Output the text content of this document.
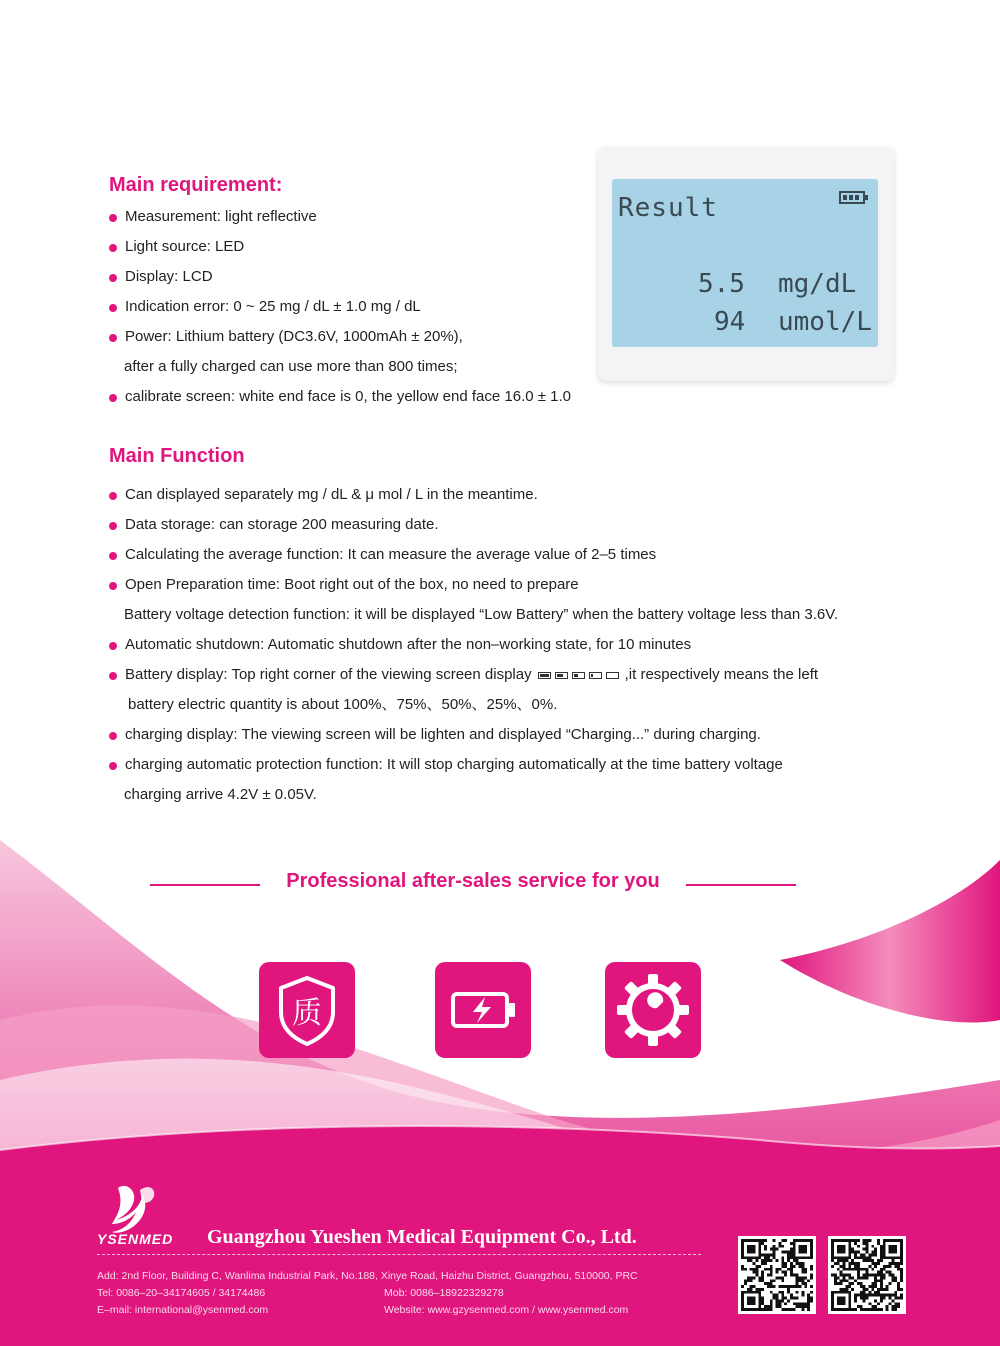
Main requirement:
Measurement: light reflective
Light source: LED
Display: LCD
Indication error: 0 ~ 25 mg / dL ± 1.0 mg / dL
Power: Lithium battery (DC3.6V, 1000mAh ± 20%),
after a fully charged can use more than 800 times;
calibrate screen: white end face is 0, the yellow end face 16.0 ± 1.0
Result
5.5 mg/dL
94 umol/L
Main Function
Can displayed separately mg / dL & μ mol / L in the meantime.
Data storage: can storage 200 measuring date.
Calculating the average function: It can measure the average value of 2–5 times
Open Preparation time: Boot right out of the box, no need to prepare
Battery voltage detection function: it will be displayed “Low Battery” when the battery voltage less than 3.6V.
Automatic shutdown: Automatic shutdown after the non–working state, for 10 minutes
Battery display: Top right corner of the viewing screen display	,it respectively means the left
battery electric quantity is about 100%、75%、50%、25%、0%.
charging display: The viewing screen will be lighten and displayed “Charging...” during charging.
charging automatic protection function: It will stop charging automatically at the time battery voltage
charging arrive 4.2V ± 0.05V.
Professional after-sales service for you
质
YSENMED Guangzhou Yueshen Medical Equipment Co., Ltd.
Add: 2nd Floor, Building C, Wanlima Industrial Park, No.188, Xinye Road, Haizhu District, Guangzhou, 510000, PRC
Tel: 0086–20–34174605 / 34174486	Mob: 0086–18922329278
E–mail: international@ysenmed.com	Website: www.gzysenmed.com / www.ysenmed.com
